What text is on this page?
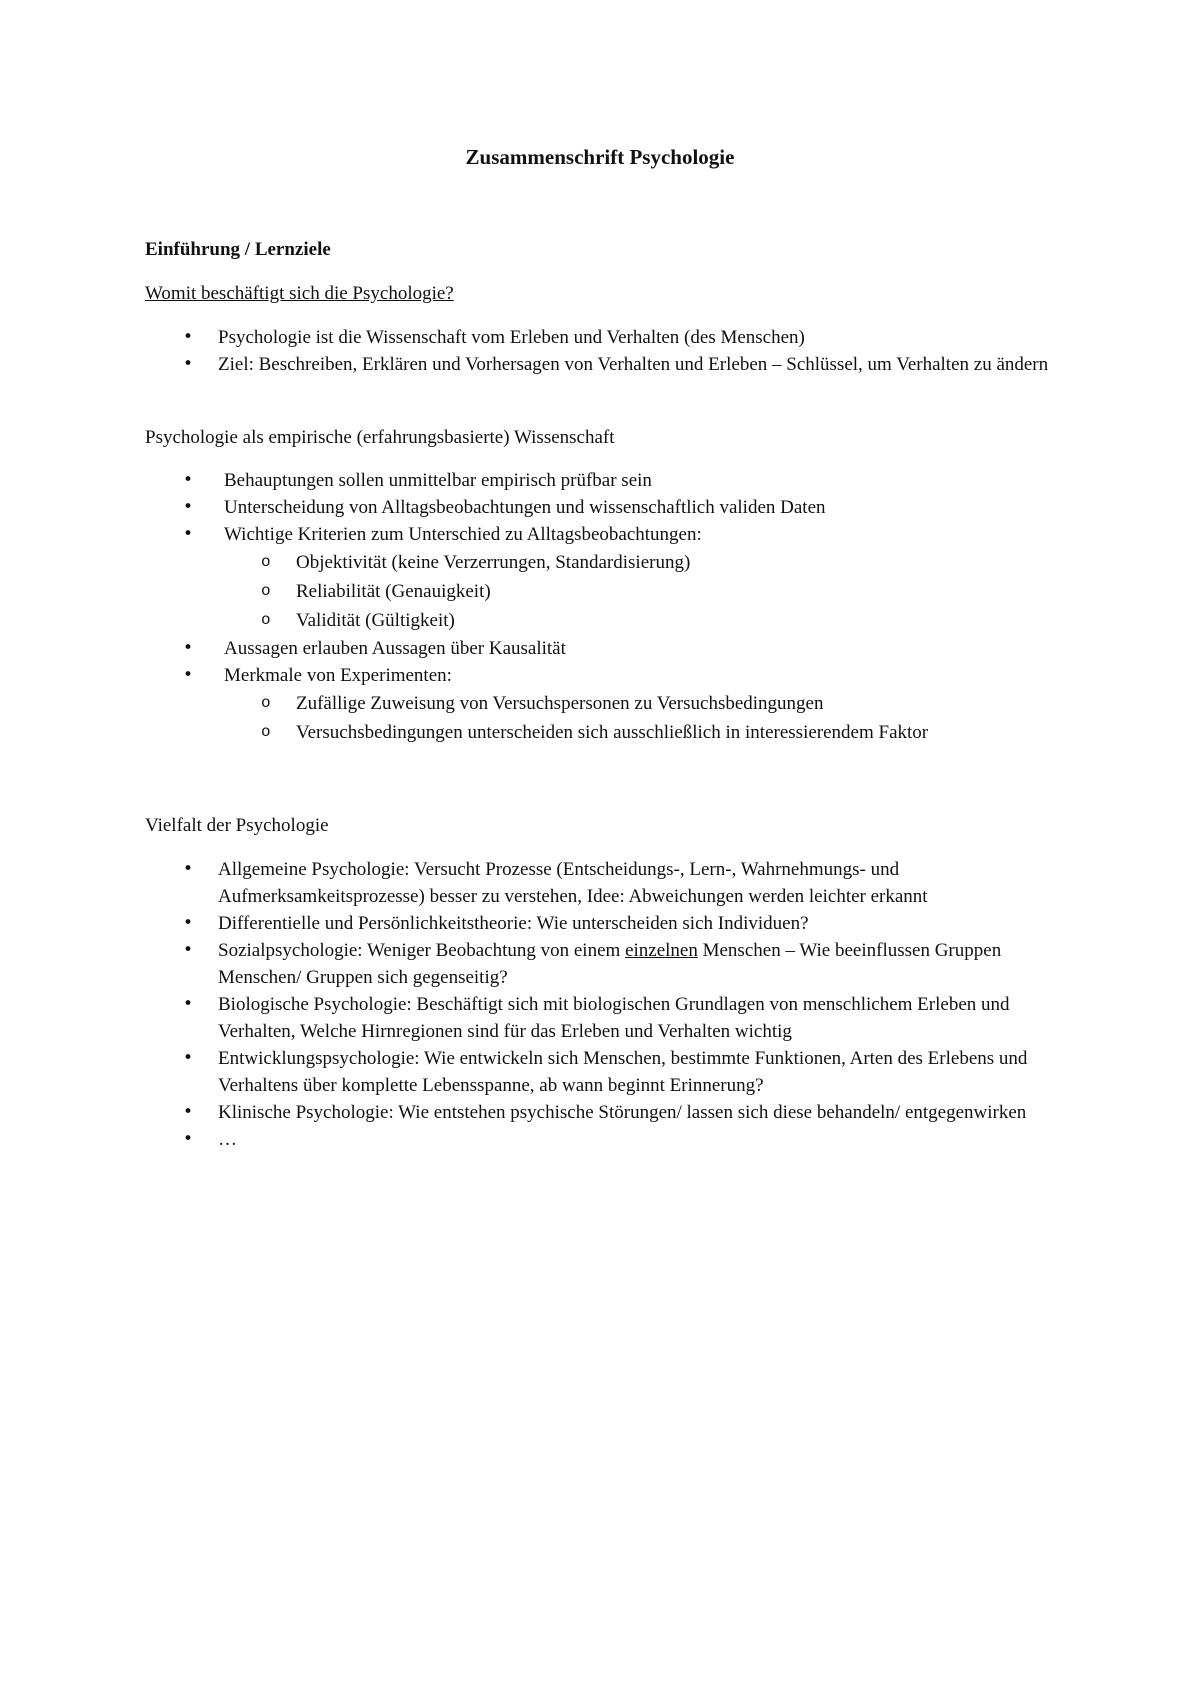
Zusammenschrift Psychologie
Einführung / Lernziele
Womit beschäftigt sich die Psychologie?
• Psychologie ist die Wissenschaft vom Erleben und Verhalten (des Menschen)
• Ziel: Beschreiben, Erklären und Vorhersagen von Verhalten und Erleben – Schlüssel, um Verhalten zu ändern
Psychologie als empirische (erfahrungsbasierte) Wissenschaft
• Behauptungen sollen unmittelbar empirisch prüfbar sein
• Unterscheidung von Alltagsbeobachtungen und wissenschaftlich validen Daten
• Wichtige Kriterien zum Unterschied zu Alltagsbeobachtungen:
o Objektivität (keine Verzerrungen, Standardisierung)
o Reliabilität (Genauigkeit)
o Validität (Gültigkeit)
• Aussagen erlauben Aussagen über Kausalität
• Merkmale von Experimenten:
o Zufällige Zuweisung von Versuchspersonen zu Versuchsbedingungen
o Versuchsbedingungen unterscheiden sich ausschließlich in interessierendem Faktor
Vielfalt der Psychologie
• Allgemeine Psychologie: Versucht Prozesse (Entscheidungs-, Lern-, Wahrnehmungs- und Aufmerksamkeitsprozesse) besser zu verstehen, Idee: Abweichungen werden leichter erkannt
• Differentielle und Persönlichkeitstheorie: Wie unterscheiden sich Individuen?
• Sozialpsychologie: Weniger Beobachtung von einem einzelnen Menschen – Wie beeinflussen Gruppen Menschen/ Gruppen sich gegenseitig?
• Biologische Psychologie: Beschäftigt sich mit biologischen Grundlagen von menschlichem Erleben und Verhalten, Welche Hirnregionen sind für das Erleben und Verhalten wichtig
• Entwicklungspsychologie: Wie entwickeln sich Menschen, bestimmte Funktionen, Arten des Erlebens und Verhaltens über komplette Lebensspanne, ab wann beginnt Erinnerung?
• Klinische Psychologie: Wie entstehen psychische Störungen/ lassen sich diese behandeln/ entgegenwirken
• …
